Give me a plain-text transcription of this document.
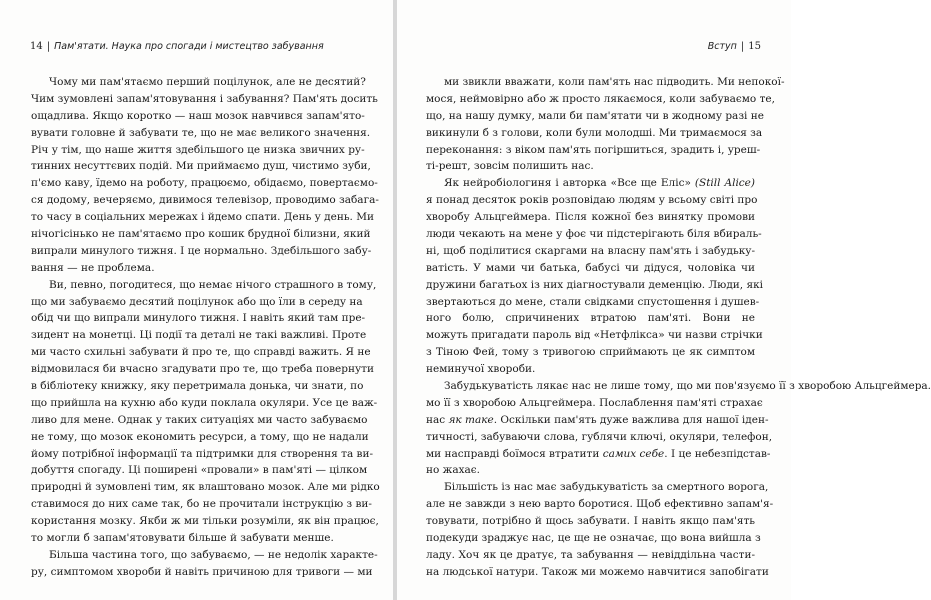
14 | Пам'ятати. Наука про спогади і мистецтво забування
Чому ми пам'ятаємо перший поцілунок, але не десятий?
Чим зумовлені запам'ятовування і забування? Пам'ять досить
ощадлива. Якщо коротко — наш мозок навчився запам'ято-
вувати головне й забувати те, що не має великого значення.
Річ у тім, що наше життя здебільшого це низка звичних ру-
тинних несуттєвих подій. Ми приймаємо душ, чистимо зуби,
п'ємо каву, їдемо на роботу, працюємо, обідаємо, повертаємо-
ся додому, вечеряємо, дивимося телевізор, проводимо забага-
то часу в соціальних мережах і йдемо спати. День у день. Ми
нічогісінько не пам'ятаємо про кошик брудної білизни, який
випрали минулого тижня. І це нормально. Здебільшого забу-
вання — не проблема.
Ви, певно, погодитеся, що немає нічого страшного в тому,
що ми забуваємо десятий поцілунок або що їли в середу на
обід чи що випрали минулого тижня. І навіть який там пре-
зидент на монетці. Ці події та деталі не такі важливі. Проте
ми часто схильні забувати й про те, що справді важить. Я не
відмовилася би вчасно згадувати про те, що треба повернути
в бібліотеку книжку, яку перетримала донька, чи знати, по
що прийшла на кухню або куди поклала окуляри. Усе це важ-
ливо для мене. Однак у таких ситуаціях ми часто забуваємо
не тому, що мозок економить ресурси, а тому, що не надали
йому потрібної інформації та підтримки для створення та ви-
добуття спогаду. Ці поширені «провали» в пам'яті — цілком
природні й зумовлені тим, як влаштовано мозок. Але ми рідко
ставимося до них саме так, бо не прочитали інструкцію з ви-
користання мозку. Якби ж ми тільки розуміли, як він працює,
то могли б запам'ятовувати більше й забувати менше.
Більша частина того, що забуваємо, — не недолік характе-
ру, симптомом хвороби й навіть причиною для тривоги — ми
Вступ | 15
ми звикли вважати, коли пам'ять нас підводить. Ми непокої-
мося, неймовірно або ж просто лякаємося, коли забуваємо те,
що, на нашу думку, мали би пам'ятати чи в жодному разі не
викинули б з голови, коли були молодші. Ми тримаємося за
переконання: з віком пам'ять погіршиться, зрадить і, уреш-
ті-решт, зовсім полишить нас.
Як нейробіологиня і авторка «Все ще Еліс» (Still Alice)
я понад десяток років розповідаю людям у всьому світі про
хворобу Альцгеймера. Після кожної без винятку промови
люди чекають на мене у фоє чи підстерігають біля вбираль-
ні, щоб поділитися скаргами на власну пам'ять і забудьку-
ватість. У мами чи батька, бабусі чи дідуся, чоловіка чи
дружини багатьох із них діагностували деменцію. Люди, які
звертаються до мене, стали свідками спустошення і душев-
ного болю, спричинених втратою пам'яті. Вони не
можуть пригадати пароль від «Нетфлікса» чи назви стрічки
з Тіною Фей, тому з тривогою сприймають це як симптом
неминучої хвороби.
Забудькуватість лякає нас не лише тому, що ми пов'язуємо її з хворобою Альцгеймера.
мо її з хворобою Альцгеймера. Послаблення пам'яті страхає
нас як таке. Оскільки пам'ять дуже важлива для нашої іден-
тичності, забуваючи слова, гублячи ключі, окуляри, телефон,
ми насправді боїмося втратити самих себе. І це небезпідстав-
но жахає.
Більшість із нас має забудькуватість за смертного ворога,
але не завжди з нею варто боротися. Щоб ефективно запам'я-
товувати, потрібно й щось забувати. І навіть якщо пам'ять
подекуди зраджує нас, це ще не означає, що вона вийшла з
ладу. Хоч як це дратує, та забування — невіддільна части-
на людської натури. Також ми можемо навчитися запобігати
